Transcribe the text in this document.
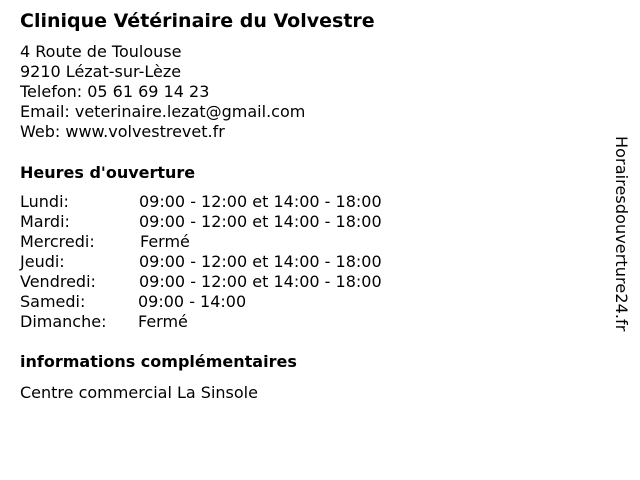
Clinique Vétérinaire du Volvestre
4 Route de Toulouse
9210 Lézat-sur-Lèze
Telefon: 05 61 69 14 23
Email: veterinaire.lezat@gmail.com
Web: www.volvestrevet.fr
Heures d'ouverture
Lundi:	09:00 - 12:00 et 14:00 - 18:00
Mardi:	09:00 - 12:00 et 14:00 - 18:00
Mercredi:	Fermé
Jeudi:	09:00 - 12:00 et 14:00 - 18:00
Vendredi:	09:00 - 12:00 et 14:00 - 18:00
Samedi:	09:00 - 14:00
Dimanche: Fermé
informations complémentaires
Centre commercial La Sinsole
Horairesdouverture24.fr
